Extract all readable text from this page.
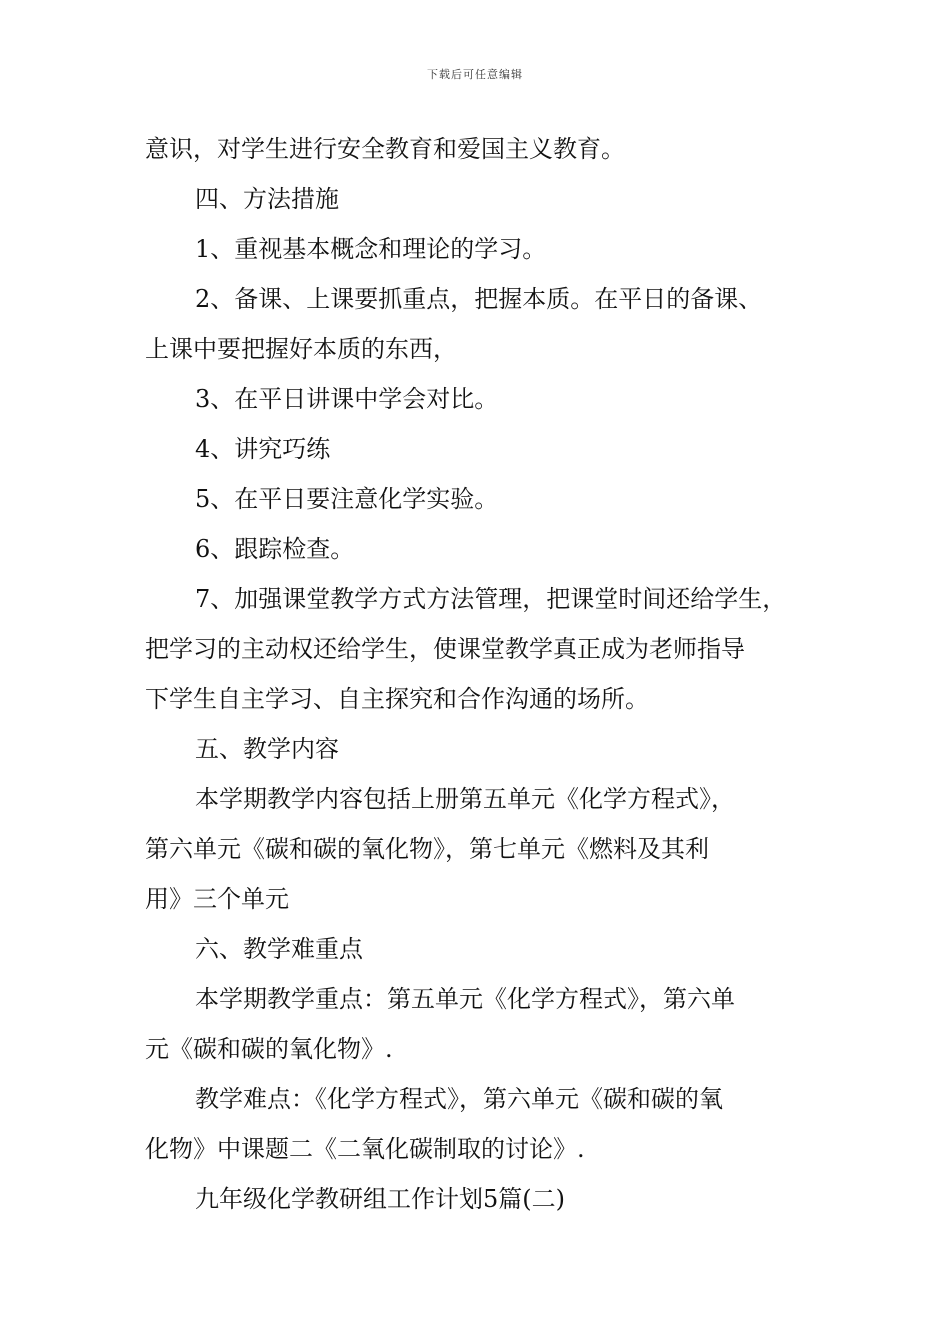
下载后可任意编辑
意识，对学生进行安全教育和爱国主义教育。
四、方法措施
1、重视基本概念和理论的学习。
2、备课、上课要抓重点，把握本质。在平日的备课、
上课中要把握好本质的东西，
3、在平日讲课中学会对比。
4、讲究巧练
5、在平日要注意化学实验。
6、跟踪检查。
7、加强课堂教学方式方法管理，把课堂时间还给学生，
把学习的主动权还给学生，使课堂教学真正成为老师指导
下学生自主学习、自主探究和合作沟通的场所。
五、教学内容
本学期教学内容包括上册第五单元《化学方程式》，
第六单元《碳和碳的氧化物》，第七单元《燃料及其利
用》三个单元
六、教学难重点
本学期教学重点：第五单元《化学方程式》，第六单
元《碳和碳的氧化物》.
教学难点：《化学方程式》，第六单元《碳和碳的氧
化物》中课题二《二氧化碳制取的讨论》.
九年级化学教研组工作计划5篇(二)
